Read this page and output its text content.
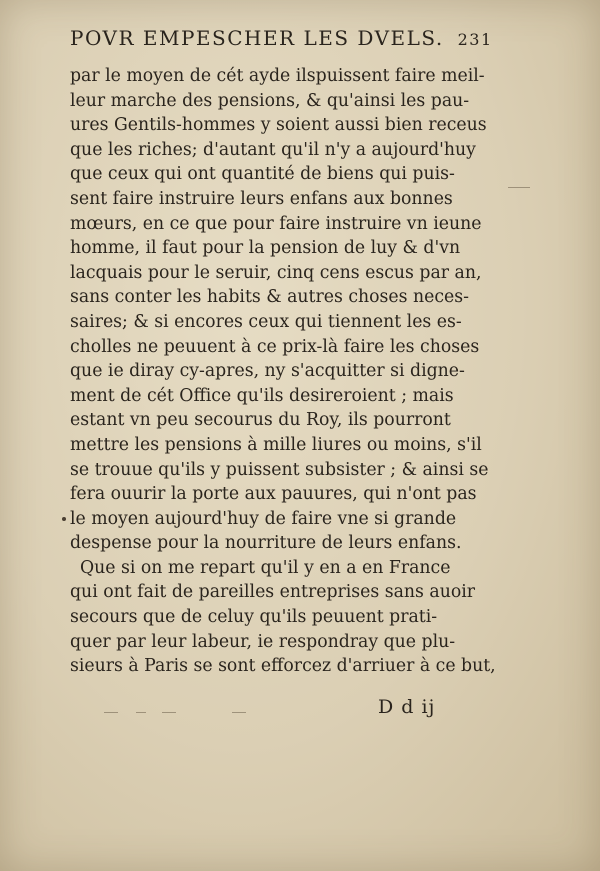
POVR EMPESCHER LES DVELS. 231
par le moyen de cét ayde ilspuissent faire meil-
leur marche des pensions, & qu'ainsi les pau-
ures Gentils-hommes y soient aussi bien receus
que les riches; d'autant qu'il n'y a aujourd'huy
que ceux qui ont quantité de biens qui puis-
sent faire instruire leurs enfans aux bonnes
mœurs, en ce que pour faire instruire vn ieune
homme, il faut pour la pension de luy & d'vn
lacquais pour le seruir, cinq cens escus par an,
sans conter les habits & autres choses neces-
saires; & si encores ceux qui tiennent les es-
cholles ne peuuent à ce prix-là faire les choses
que ie diray cy-apres, ny s'acquitter si digne-
ment de cét Office qu'ils desireroient ; mais
estant vn peu secourus du Roy, ils pourront
mettre les pensions à mille liures ou moins, s'il
se trouue qu'ils y puissent subsister ; & ainsi se
fera ouurir la porte aux pauures, qui n'ont pas
le moyen aujourd'huy de faire vne si grande
despense pour la nourriture de leurs enfans.
Que si on me repart qu'il y en a en France
qui ont fait de pareilles entreprises sans auoir
secours que de celuy qu'ils peuuent prati-
quer par leur labeur, ie respondray que plu-
sieurs à Paris se sont efforcez d'arriuer à ce but,
D d ij
